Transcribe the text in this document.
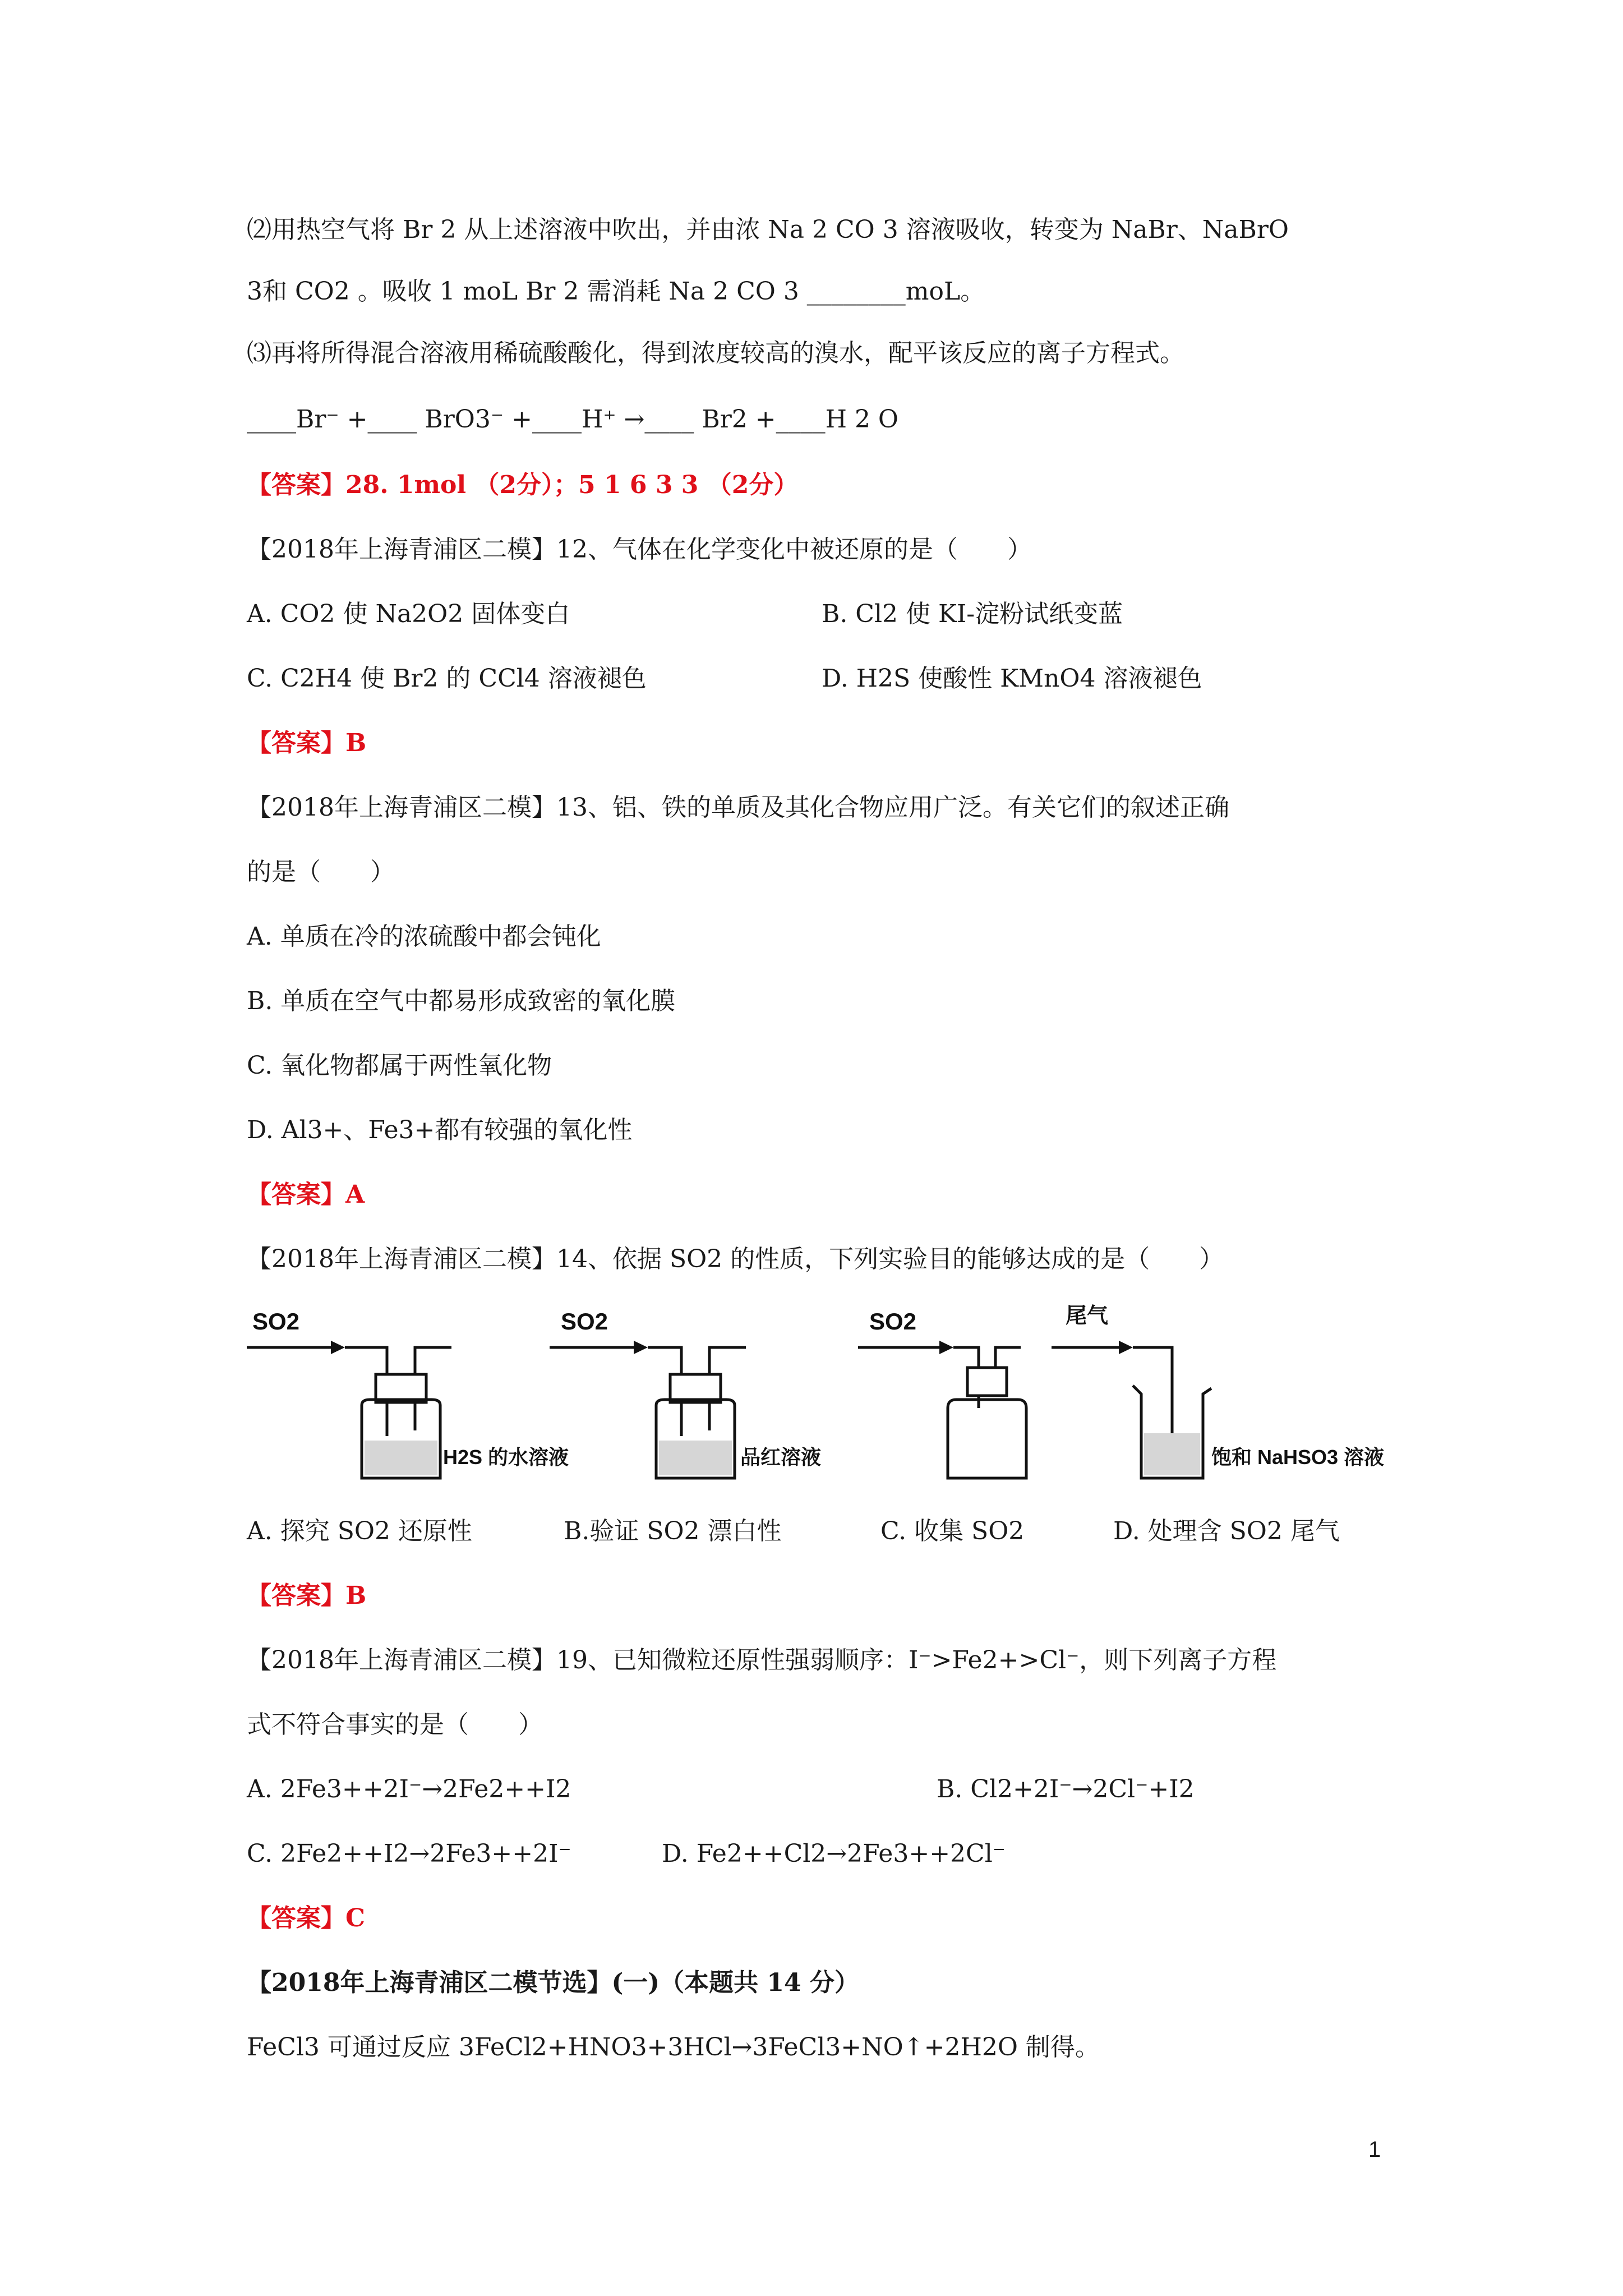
⑵用热空气将 Br 2 从上述溶液中吹出，并由浓 Na 2 CO 3 溶液吸收，转变为 NaBr、NaBrO
3和 CO2 。吸收 1 moL Br 2 需消耗 Na 2 CO 3 ________moL。
⑶再将所得混合溶液用稀硫酸酸化，得到浓度较高的溴水，配平该反应的离子方程式。
____Br⁻ +____ BrO3⁻ +____H⁺ →____ Br2 +____H 2 O
【答案】28. 1mol （2分）；5 1 6 3 3 （2分）
【2018年上海青浦区二模】12、气体在化学变化中被还原的是（　　）
A. CO2 使 Na2O2 固体变白	B. Cl2 使 KI-淀粉试纸变蓝
C. C2H4 使 Br2 的 CCl4 溶液褪色	D. H2S 使酸性 KMnO4 溶液褪色
【答案】B
【2018年上海青浦区二模】13、铝、铁的单质及其化合物应用广泛。有关它们的叙述正确
的是（　　）
A. 单质在冷的浓硫酸中都会钝化
B. 单质在空气中都易形成致密的氧化膜
C. 氧化物都属于两性氧化物
D. Al3+、Fe3+都有较强的氧化性
【答案】A
【2018年上海青浦区二模】14、依据 SO2 的性质，下列实验目的能够达成的是（　　）
SO2
H2S 的水溶液
SO2
品红溶液
SO2	尾气
饱和 NaHSO3 溶液
A. 探究 SO2 还原性	B.验证 SO2 漂白性	C. 收集 SO2	D. 处理含 SO2 尾气
【答案】B
【2018年上海青浦区二模】19、已知微粒还原性强弱顺序：I⁻>Fe2+>Cl⁻，则下列离子方程
式不符合事实的是（　　）
A. 2Fe3++2I⁻→2Fe2++I2	B. Cl2+2I⁻→2Cl⁻+I2
C. 2Fe2++I2→2Fe3++2I⁻	D. Fe2++Cl2→2Fe3++2Cl⁻
【答案】C
【2018年上海青浦区二模节选】(一)（本题共 14 分）
FeCl3 可通过反应 3FeCl2+HNO3+3HCl→3FeCl3+NO↑+2H2O 制得。
1
